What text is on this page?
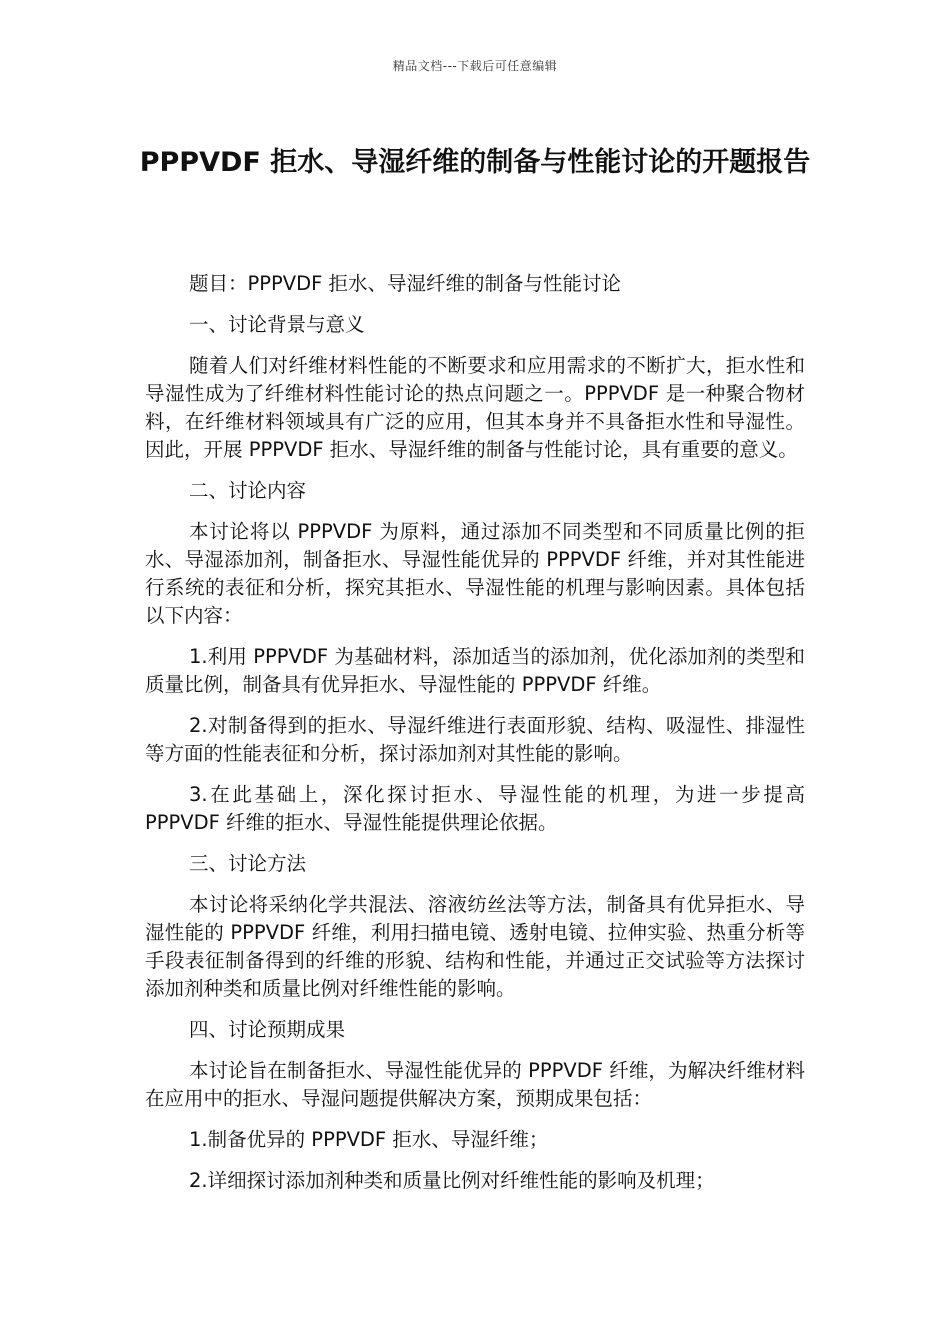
精品文档---下载后可任意编辑
PPPVDF 拒水、导湿纤维的制备与性能讨论的开题报告

题目：PPPVDF 拒水、导湿纤维的制备与性能讨论

一、讨论背景与意义

随着人们对纤维材料性能的不断要求和应用需求的不断扩大，拒水性和导湿性成为了纤维材料性能讨论的热点问题之一。PPPVDF 是一种聚合物材料，在纤维材料领域具有广泛的应用，但其本身并不具备拒水性和导湿性。因此，开展 PPPVDF 拒水、导湿纤维的制备与性能讨论，具有重要的意义。

二、讨论内容

本讨论将以 PPPVDF 为原料，通过添加不同类型和不同质量比例的拒水、导湿添加剂，制备拒水、导湿性能优异的 PPPVDF 纤维，并对其性能进行系统的表征和分析，探究其拒水、导湿性能的机理与影响因素。具体包括以下内容：

1.利用 PPPVDF 为基础材料，添加适当的添加剂，优化添加剂的类型和质量比例，制备具有优异拒水、导湿性能的 PPPVDF 纤维。

2.对制备得到的拒水、导湿纤维进行表面形貌、结构、吸湿性、排湿性等方面的性能表征和分析，探讨添加剂对其性能的影响。

3.在此基础上，深化探讨拒水、导湿性能的机理，为进一步提高 PPPVDF 纤维的拒水、导湿性能提供理论依据。

三、讨论方法

本讨论将采纳化学共混法、溶液纺丝法等方法，制备具有优异拒水、导湿性能的 PPPVDF 纤维，利用扫描电镜、透射电镜、拉伸实验、热重分析等手段表征制备得到的纤维的形貌、结构和性能，并通过正交试验等方法探讨添加剂种类和质量比例对纤维性能的影响。

四、讨论预期成果

本讨论旨在制备拒水、导湿性能优异的 PPPVDF 纤维，为解决纤维材料在应用中的拒水、导湿问题提供解决方案，预期成果包括：

1.制备优异的 PPPVDF 拒水、导湿纤维；

2.详细探讨添加剂种类和质量比例对纤维性能的影响及机理；
